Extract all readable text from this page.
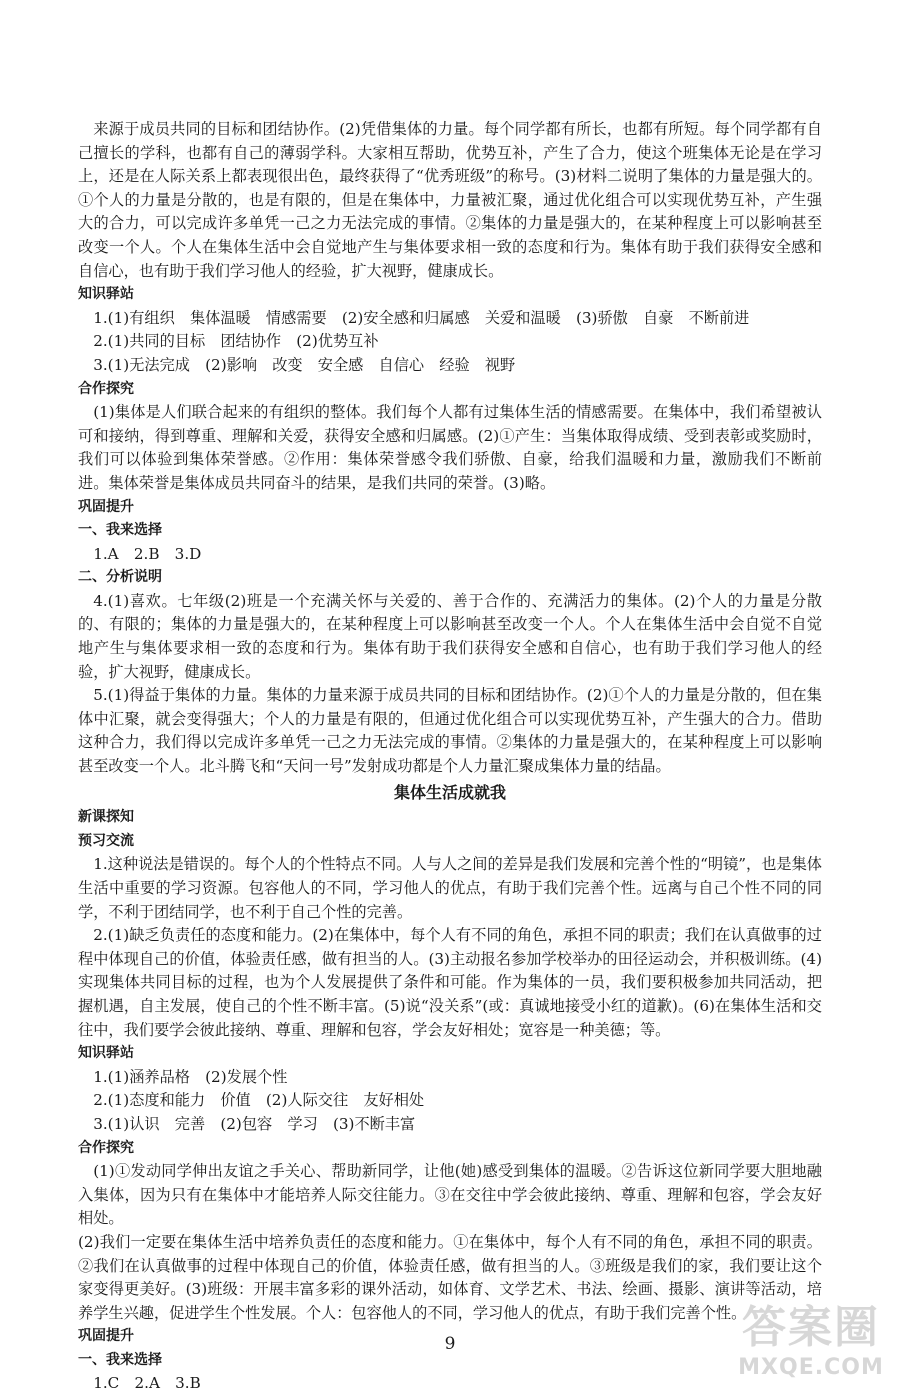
来源于成员共同的目标和团结协作。(2)凭借集体的力量。每个同学都有所长，也都有所短。每个同学都有自己擅长的学科，也都有自己的薄弱学科。大家相互帮助，优势互补，产生了合力，使这个班集体无论是在学习上，还是在人际关系上都表现很出色，最终获得了“优秀班级”的称号。(3)材料二说明了集体的力量是强大的。①个人的力量是分散的，也是有限的，但是在集体中，力量被汇聚，通过优化组合可以实现优势互补，产生强大的合力，可以完成许多单凭一己之力无法完成的事情。②集体的力量是强大的，在某种程度上可以影响甚至改变一个人。个人在集体生活中会自觉地产生与集体要求相一致的态度和行为。集体有助于我们获得安全感和自信心，也有助于我们学习他人的经验，扩大视野，健康成长。

知识驿站

1.(1)有组织　集体温暖　情感需要　(2)安全感和归属感　关爱和温暖　(3)骄傲　自豪　不断前进

2.(1)共同的目标　团结协作　(2)优势互补

3.(1)无法完成　(2)影响　改变　安全感　自信心　经验　视野

合作探究

(1)集体是人们联合起来的有组织的整体。我们每个人都有过集体生活的情感需要。在集体中，我们希望被认可和接纳，得到尊重、理解和关爱，获得安全感和归属感。(2)①产生：当集体取得成绩、受到表彰或奖励时，我们可以体验到集体荣誉感。②作用：集体荣誉感令我们骄傲、自豪，给我们温暖和力量，激励我们不断前进。集体荣誉是集体成员共同奋斗的结果，是我们共同的荣誉。(3)略。

巩固提升
一、我来选择

1.A　2.B　3.D

二、分析说明

4.(1)喜欢。七年级(2)班是一个充满关怀与关爱的、善于合作的、充满活力的集体。(2)个人的力量是分散的、有限的；集体的力量是强大的，在某种程度上可以影响甚至改变一个人。个人在集体生活中会自觉不自觉地产生与集体要求相一致的态度和行为。集体有助于我们获得安全感和自信心，也有助于我们学习他人的经验，扩大视野，健康成长。

5.(1)得益于集体的力量。集体的力量来源于成员共同的目标和团结协作。(2)①个人的力量是分散的，但在集体中汇聚，就会变得强大；个人的力量是有限的，但通过优化组合可以实现优势互补，产生强大的合力。借助这种合力，我们得以完成许多单凭一己之力无法完成的事情。②集体的力量是强大的，在某种程度上可以影响甚至改变一个人。北斗腾飞和“天问一号”发射成功都是个人力量汇聚成集体力量的结晶。

集体生活成就我
新课探知
预习交流

1.这种说法是错误的。每个人的个性特点不同。人与人之间的差异是我们发展和完善个性的“明镜”，也是集体生活中重要的学习资源。包容他人的不同，学习他人的优点，有助于我们完善个性。远离与自己个性不同的同学，不利于团结同学，也不利于自己个性的完善。

2.(1)缺乏负责任的态度和能力。(2)在集体中，每个人有不同的角色，承担不同的职责；我们在认真做事的过程中体现自己的价值，体验责任感，做有担当的人。(3)主动报名参加学校举办的田径运动会，并积极训练。(4)实现集体共同目标的过程，也为个人发展提供了条件和可能。作为集体的一员，我们要积极参加共同活动，把握机遇，自主发展，使自己的个性不断丰富。(5)说“没关系”(或：真诚地接受小红的道歉)。(6)在集体生活和交往中，我们要学会彼此接纳、尊重、理解和包容，学会友好相处；宽容是一种美德；等。

知识驿站

1.(1)涵养品格　(2)发展个性

2.(1)态度和能力　价值　(2)人际交往　友好相处

3.(1)认识　完善　(2)包容　学习　(3)不断丰富

合作探究

(1)①发动同学伸出友谊之手关心、帮助新同学，让他(她)感受到集体的温暖。②告诉这位新同学要大胆地融入集体，因为只有在集体中才能培养人际交往能力。③在交往中学会彼此接纳、尊重、理解和包容，学会友好相处。

(2)我们一定要在集体生活中培养负责任的态度和能力。①在集体中，每个人有不同的角色，承担不同的职责。②我们在认真做事的过程中体现自己的价值，体验责任感，做有担当的人。③班级是我们的家，我们要让这个家变得更美好。(3)班级：开展丰富多彩的课外活动，如体育、文学艺术、书法、绘画、摄影、演讲等活动，培养学生兴趣，促进学生个性发展。个人：包容他人的不同，学习他人的优点，有助于我们完善个性。

巩固提升
一、我来选择

1.C　2.A　3.B

9	答案圈
MXQE.COM
